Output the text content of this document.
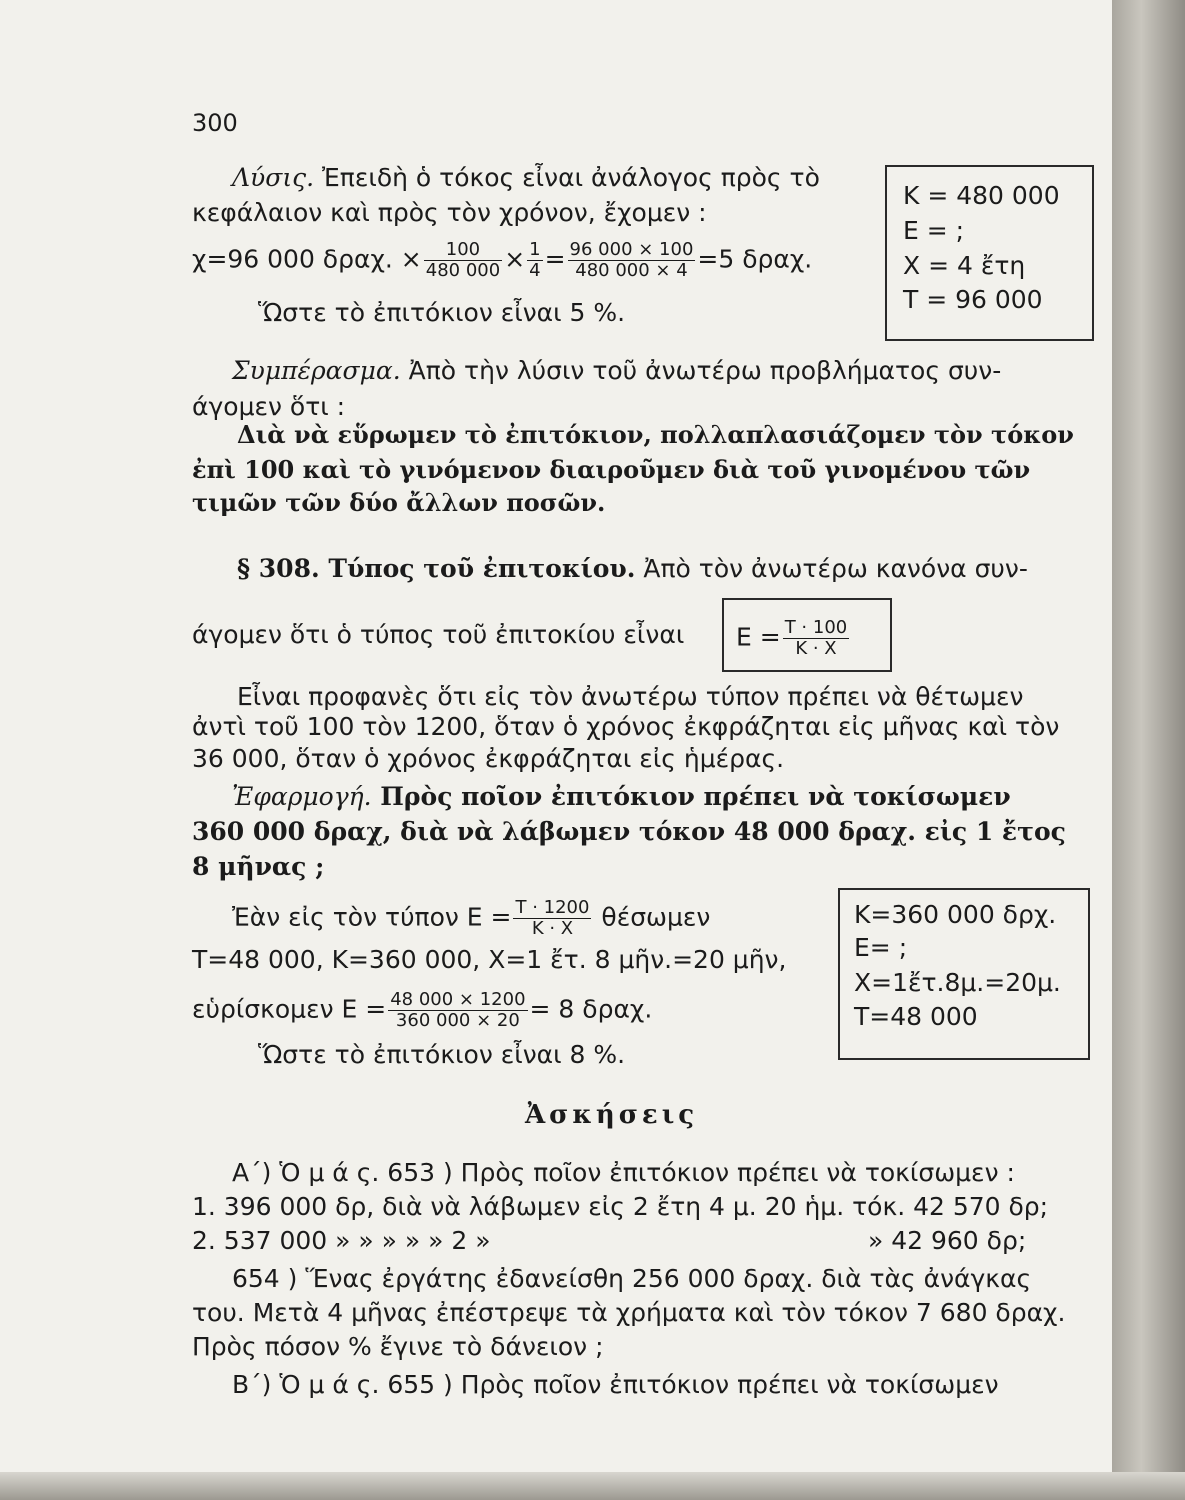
300
Λύσις. Ἐπειδὴ ὁ τόκος εἶναι ἀνάλογος πρὸς τὸ
κεφάλαιον καὶ πρὸς τὸν χρόνον, ἔχομεν :
χ=96 000 δραχ. × $\frac{100}{480 000} \times \frac{1}{4} = \frac{96 000 \times 100}{480 000 \times 4} =5$ δραχ.
Ὥστε τὸ ἐπιτόκιον εἶναι 5 %.
K = 480 000
E = ;
X = 4 ἔτη
T = 96 000
Συμπέρασμα. Ἀπὸ τὴν λύσιν τοῦ ἀνωτέρω προβλήματος συν-
άγομεν ὅτι :
Διὰ νὰ εὕρωμεν τὸ ἐπιτόκιον, πολλαπλασιάζομεν τὸν τόκον
ἐπὶ 100 καὶ τὸ γινόμενον διαιροῦμεν διὰ τοῦ γινομένου τῶν
τιμῶν τῶν δύο ἄλλων ποσῶν.
§ 308. Τύπος τοῦ ἐπιτοκίου. Ἀπὸ τὸν ἀνωτέρω κανόνα συν-
άγομεν ὅτι ὁ τύπος τοῦ ἐπιτοκίου εἶναι $E = \frac{T \cdot 100}{K \cdot X}$
Εἶναι προφανὲς ὅτι εἰς τὸν ἀνωτέρω τύπον πρέπει νὰ θέτωμεν
ἀντὶ τοῦ 100 τὸν 1200, ὅταν ὁ χρόνος ἐκφράζηται εἰς μῆνας καὶ τὸν
36 000, ὅταν ὁ χρόνος ἐκφράζηται εἰς ἡμέρας.
Ἐφαρμογή. Πρὸς ποῖον ἐπιτόκιον πρέπει νὰ τοκίσωμεν
360 000 δραχ, διὰ νὰ λάβωμεν τόκον 48 000 δραχ. εἰς 1 ἔτος
8 μῆνας ;
Ἐὰν εἰς τὸν τύπον $E = \frac{T \cdot 1200}{K \cdot X}$ θέσωμεν
T=48 000, K=360 000, X=1 ἔτ. 8 μῆν.=20 μῆν,
εὑρίσκομεν $E = \frac{48 000 \times 1200}{360 000 \times 20} = 8$ δραχ.
Ὥστε τὸ ἐπιτόκιον εἶναι 8 %.
K=360 000 δρχ.
E= ;
X=1ἔτ.8μ.=20μ.
T=48 000
Ἀσκήσεις
Α΄) Ὁ μ ά ς. 653 ) Πρὸς ποῖον ἐπιτόκιον πρέπει νὰ τοκίσωμεν :
1. 396 000 δρ, διὰ νὰ λάβωμεν εἰς 2 ἔτη 4 μ. 20 ἡμ. τόκ. 42 570 δρ;
2. 537 000 » » » » » 2 »	» 42 960 δρ;
654 ) Ἕνας ἐργάτης ἐδανείσθη 256 000 δραχ. διὰ τὰς ἀνάγκας
του. Μετὰ 4 μῆνας ἐπέστρεψε τὰ χρήματα καὶ τὸν τόκον 7 680 δραχ.
Πρὸς πόσον % ἔγινε τὸ δάνειον ;
Β΄) Ὁ μ ά ς. 655 ) Πρὸς ποῖον ἐπιτόκιον πρέπει νὰ τοκίσωμεν
